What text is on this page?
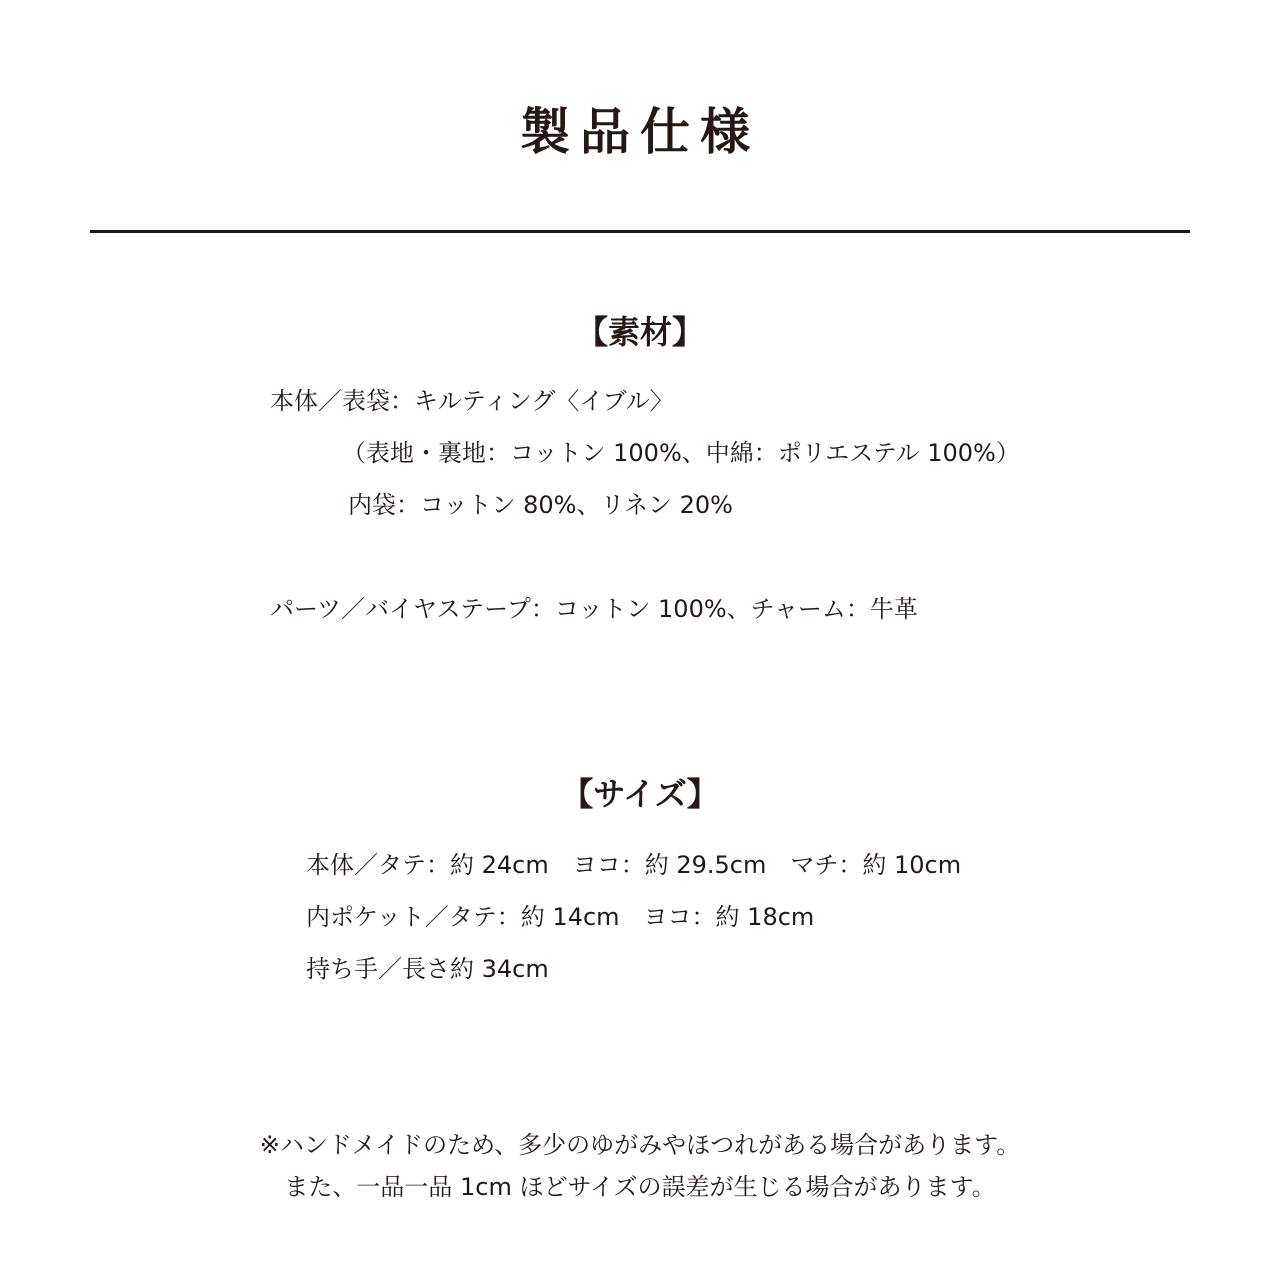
製品仕様
【素材】
本体／表袋：キルティング〈イブル〉
（表地・裏地：コットン 100%、中綿：ポリエステル 100%）
内袋：コットン 80%、リネン 20%
パーツ／バイヤステープ：コットン 100%、チャーム：牛革
【サイズ】
本体／タテ：約 24cm　ヨコ：約 29.5cm　マチ：約 10cm
内ポケット／タテ：約 14cm　ヨコ：約 18cm
持ち手／長さ約 34cm
※ハンドメイドのため、多少のゆがみやほつれがある場合があります。
また、一品一品 1cm ほどサイズの誤差が生じる場合があります。
